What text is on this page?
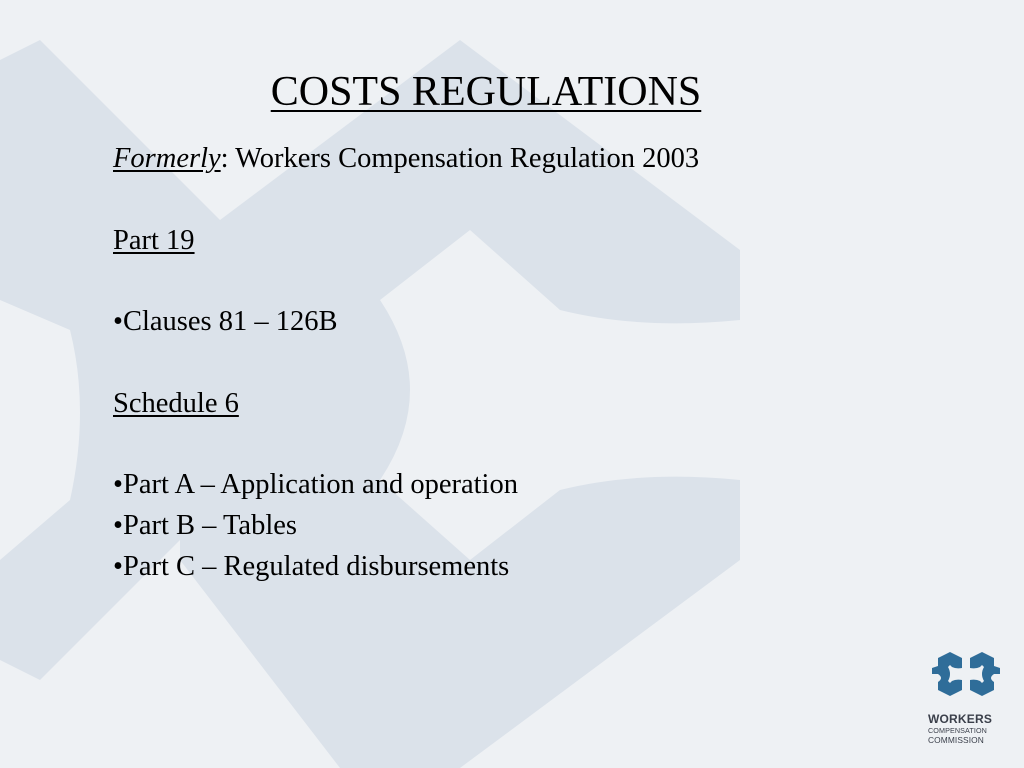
COSTS REGULATIONS
Formerly: Workers Compensation Regulation 2003
Part 19
•Clauses 81 – 126B
Schedule 6
•Part A – Application and operation
•Part B – Tables
•Part C – Regulated disbursements
WORKERS
COMPENSATION
COMMISSION
